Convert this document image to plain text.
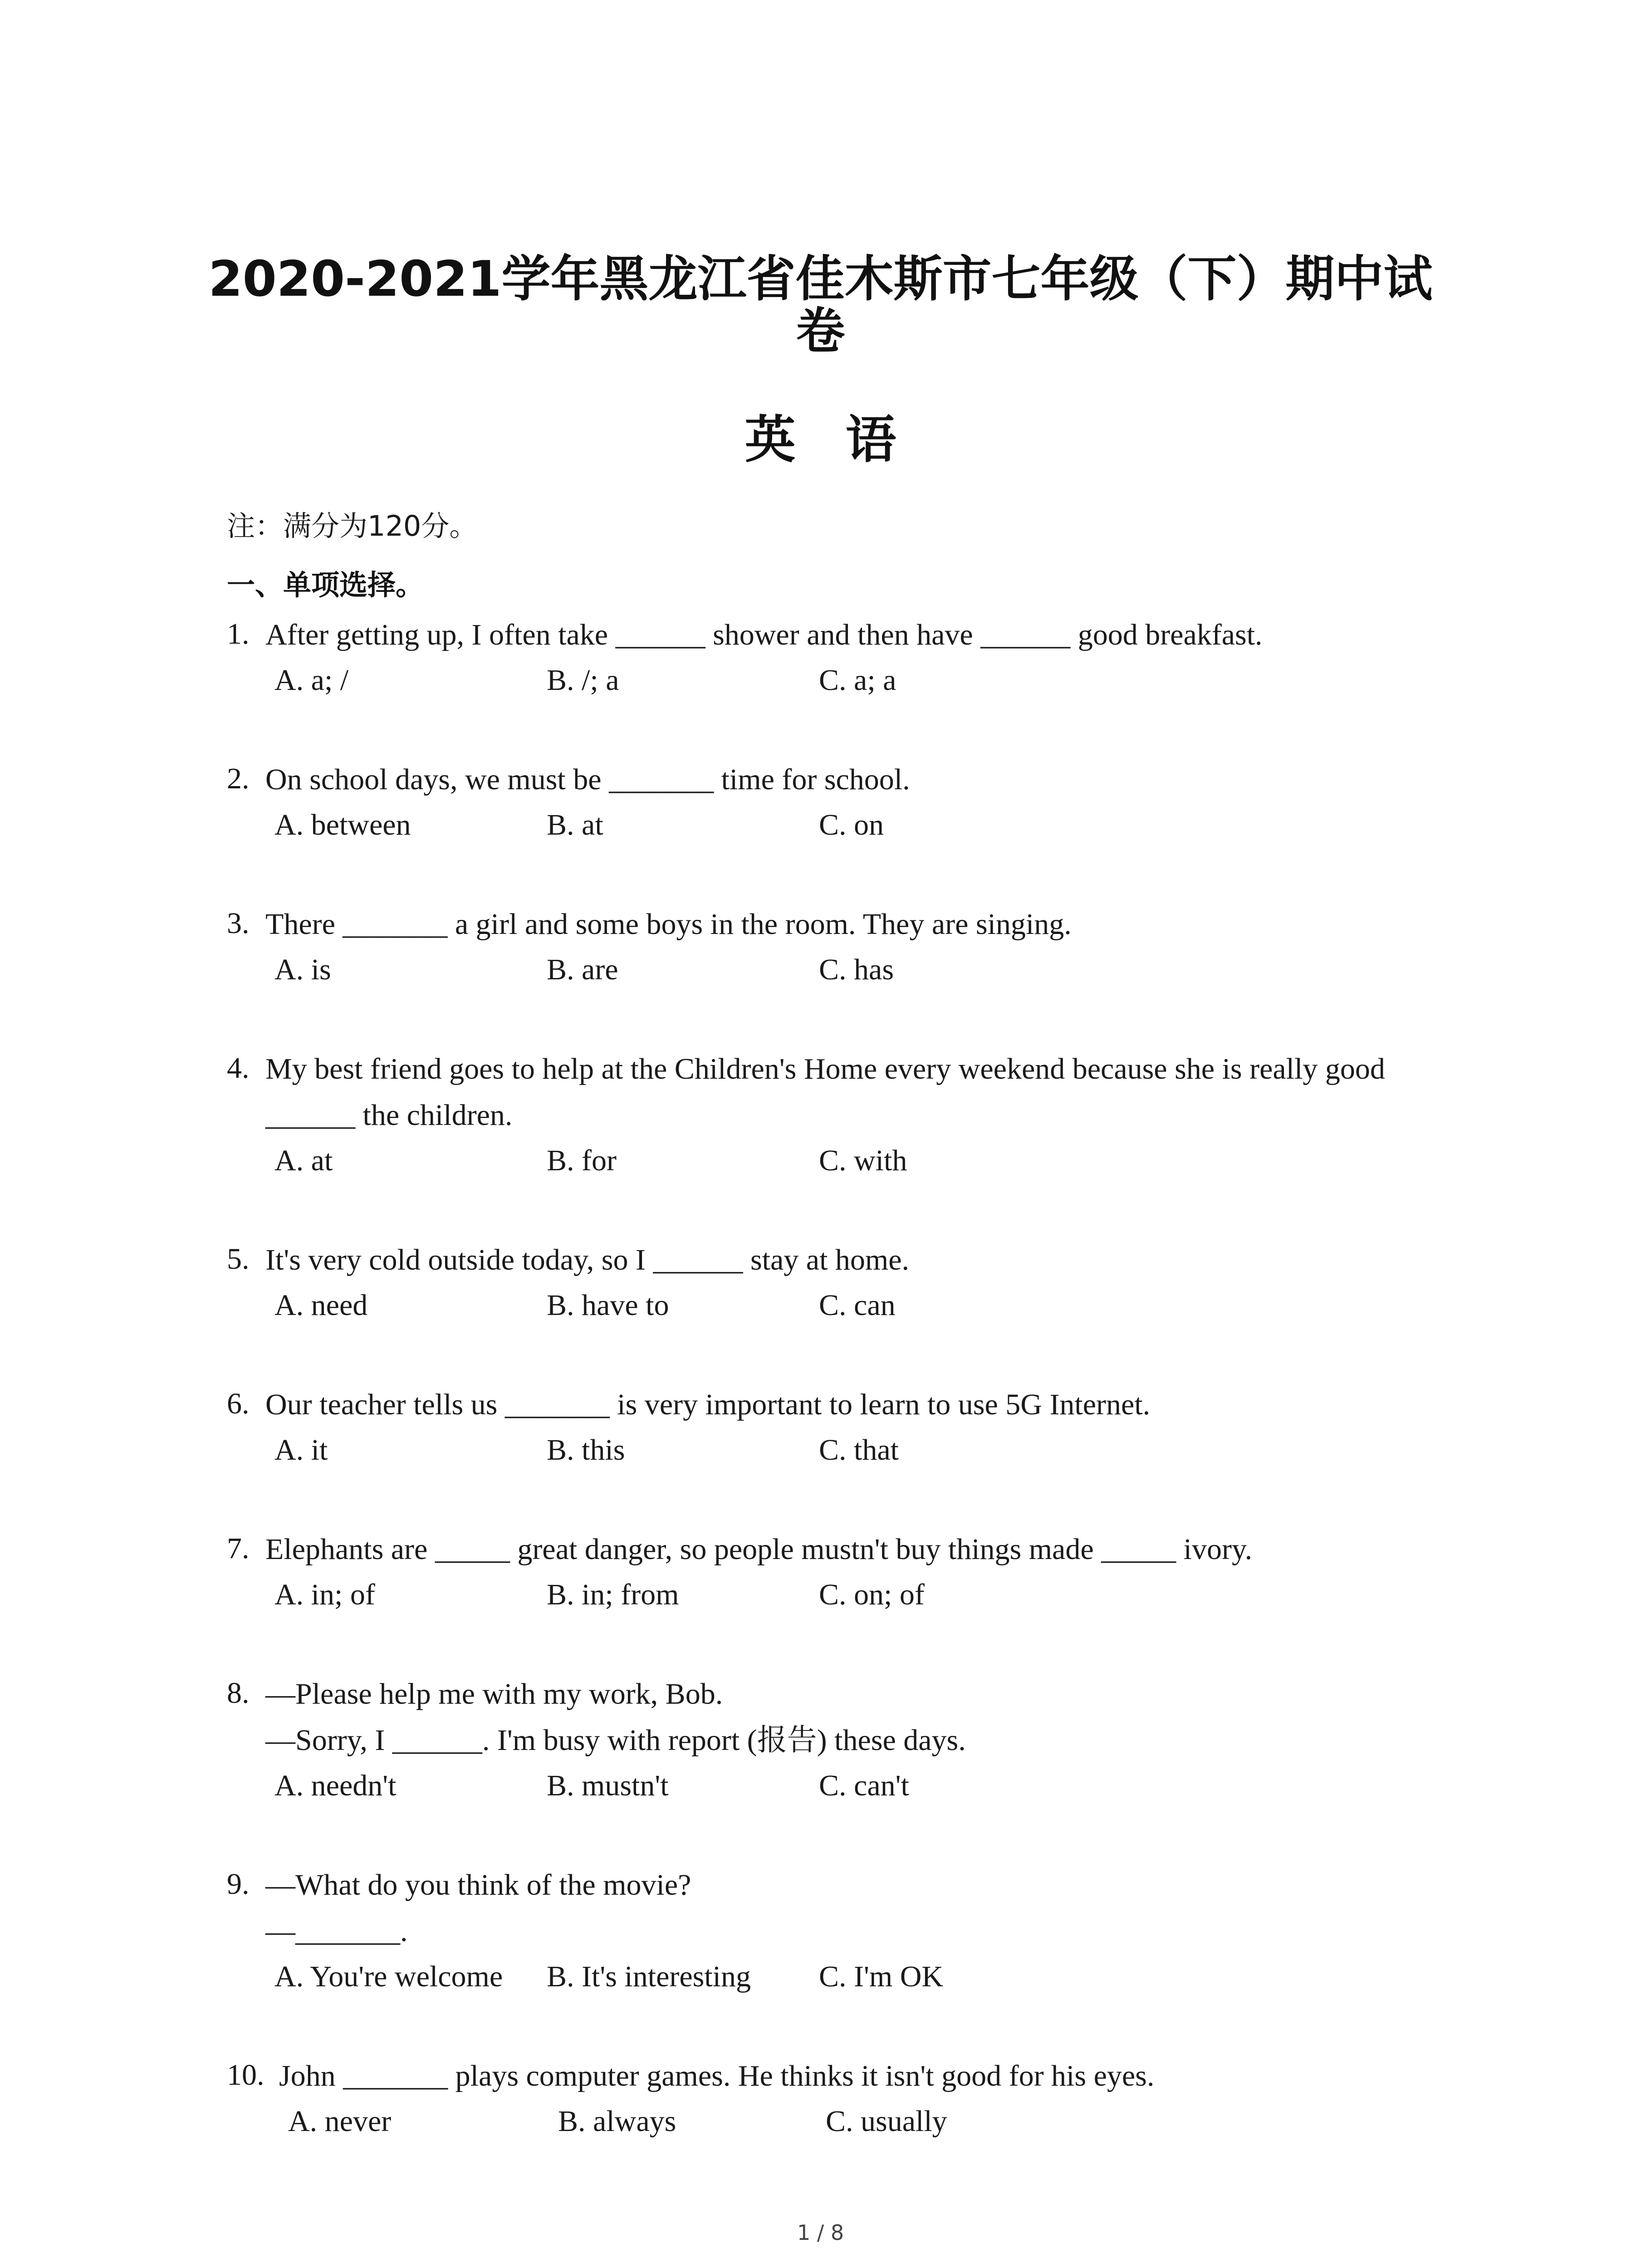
2020-2021学年黑龙江省佳木斯市七年级（下）期中试
卷
英语
注：满分为120分。
一、单项选择。
1. After getting up, I often take ______ shower and then have ______ good breakfast.
A. a; /	B. /; a	C. a; a
2. On school days, we must be _______ time for school.
A. between	B. at	C. on
3. There _______ a girl and some boys in the room. They are singing.
A. is	B. are	C. has
4. My best friend goes to help at the Children's Home every weekend because she is really good
______ the children.
A. at	B. for	C. with
5. It's very cold outside today, so I ______ stay at home.
A. need	B. have to	C. can
6. Our teacher tells us _______ is very important to learn to use 5G Internet.
A. it	B. this	C. that
7. Elephants are _____ great danger, so people mustn't buy things made _____ ivory.
A. in; of	B. in; from	C. on; of
8. —Please help me with my work, Bob.
—Sorry, I ______. I'm busy with report (报告) these days.
A. needn't	B. mustn't	C. can't
9. —What do you think of the movie?
—_______.
A. You're welcome B. It's interesting C. I'm OK
10. John _______ plays computer games. He thinks it isn't good for his eyes.
A. never	B. always	C. usually
1 / 8
